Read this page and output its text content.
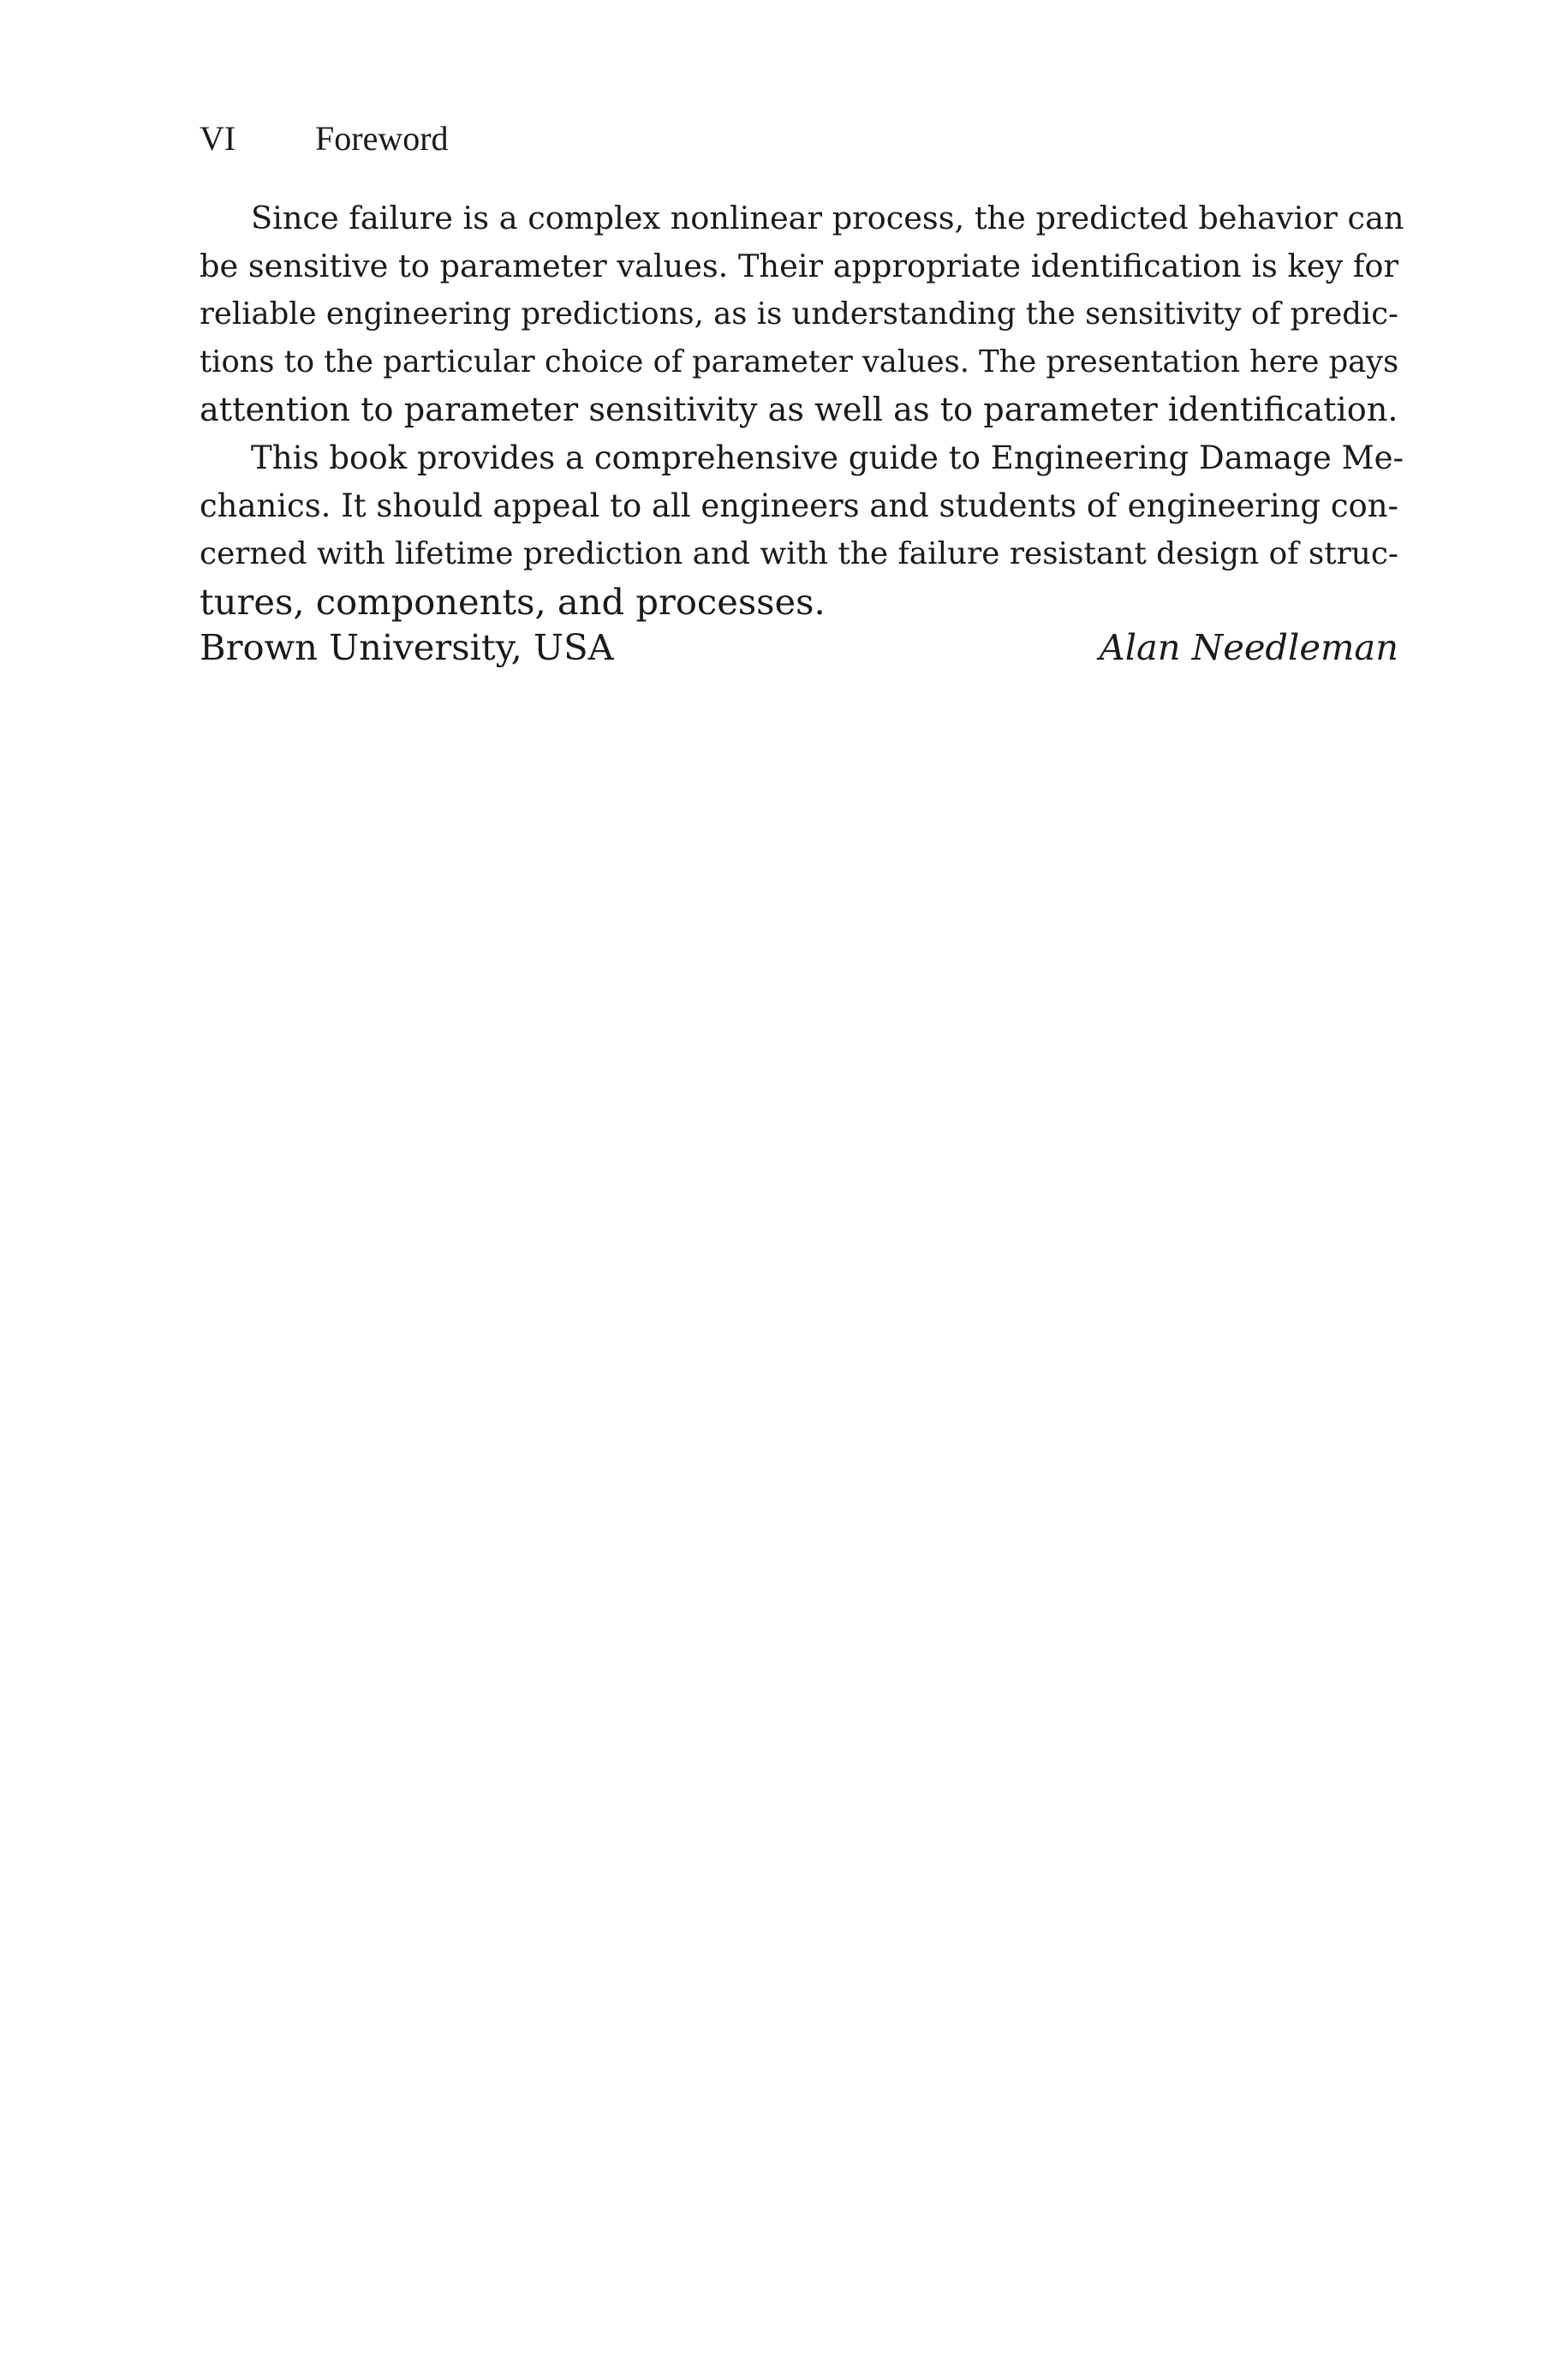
VI Foreword
Since failure is a complex nonlinear process, the predicted behavior can
be sensitive to parameter values. Their appropriate identification is key for
reliable engineering predictions, as is understanding the sensitivity of predic-
tions to the particular choice of parameter values. The presentation here pays
attention to parameter sensitivity as well as to parameter identification.
This book provides a comprehensive guide to Engineering Damage Me-
chanics. It should appeal to all engineers and students of engineering con-
cerned with lifetime prediction and with the failure resistant design of struc-
tures, components, and processes.
Brown University, USA	Alan Needleman
